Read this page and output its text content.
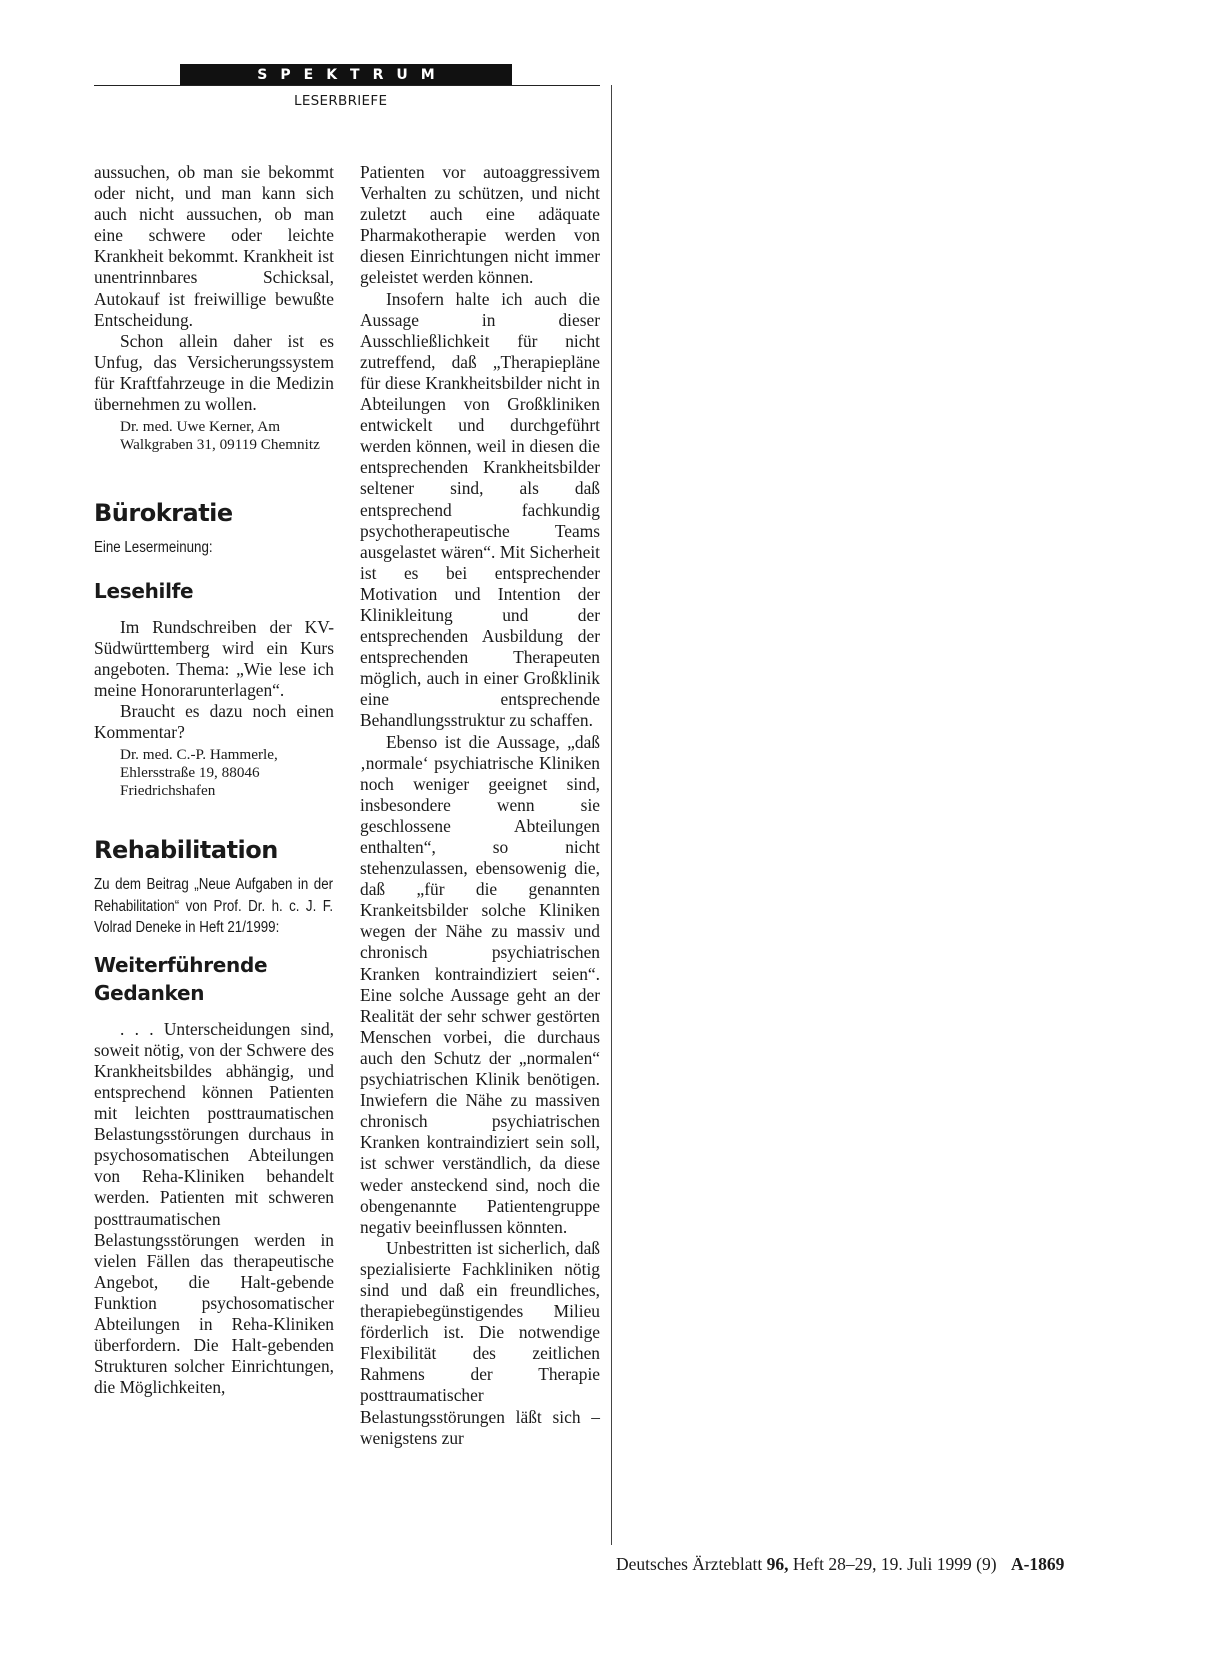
SPEKTRUM
LESERBRIEFE

aussuchen, ob man sie bekommt oder nicht, und man kann sich auch nicht aussuchen, ob man eine schwere oder leichte Krankheit bekommt. Krankheit ist unentrinnbares Schicksal, Autokauf ist freiwillige bewußte Entscheidung.

Schon allein daher ist es Unfug, das Versicherungssystem für Kraftfahrzeuge in die Medizin übernehmen zu wollen.

Dr. med. Uwe Kerner, Am Walkgraben 31, 09119 Chemnitz

Bürokratie

Eine Lesermeinung:

Lesehilfe

Im Rundschreiben der KV-Südwürttemberg wird ein Kurs angeboten. Thema: „Wie lese ich meine Honorarunterlagen“.

Braucht es dazu noch einen Kommentar?

Dr. med. C.-P. Hammerle, Ehlersstraße 19, 88046 Friedrichshafen

Rehabilitation

Zu dem Beitrag „Neue Aufgaben in der Rehabilitation“ von Prof. Dr. h. c. J. F. Volrad Deneke in Heft 21/1999:

Weiterführende Gedanken

. . . Unterscheidungen sind, soweit nötig, von der Schwere des Krankheitsbildes abhängig, und entsprechend können Patienten mit leichten posttraumatischen Belastungsstörungen durchaus in psychosomatischen Abteilungen von Reha-Kliniken behandelt werden. Patienten mit schweren posttraumatischen Belastungsstörungen werden in vielen Fällen das therapeutische Angebot, die Halt-gebende Funktion psychosomatischer Abteilungen in Reha-Kliniken überfordern. Die Halt-gebenden Strukturen solcher Einrichtungen, die Möglichkeiten,

Patienten vor autoaggressivem Verhalten zu schützen, und nicht zuletzt auch eine adäquate Pharmakotherapie werden von diesen Einrichtungen nicht immer geleistet werden können.

Insofern halte ich auch die Aussage in dieser Ausschließlichkeit für nicht zutreffend, daß „Therapiepläne für diese Krankheitsbilder nicht in Abteilungen von Großkliniken entwickelt und durchgeführt werden können, weil in diesen die entsprechenden Krankheitsbilder seltener sind, als daß entsprechend fachkundig psychotherapeutische Teams ausgelastet wären“. Mit Sicherheit ist es bei entsprechender Motivation und Intention der Klinikleitung und der entsprechenden Ausbildung der entsprechenden Therapeuten möglich, auch in einer Großklinik eine entsprechende Behandlungsstruktur zu schaffen.

Ebenso ist die Aussage, „daß ‚normale‘ psychiatrische Kliniken noch weniger geeignet sind, insbesondere wenn sie geschlossene Abteilungen enthalten“, so nicht stehenzulassen, ebensowenig die, daß „für die genannten Krankeitsbilder solche Kliniken wegen der Nähe zu massiv und chronisch psychiatrischen Kranken kontraindiziert seien“. Eine solche Aussage geht an der Realität der sehr schwer gestörten Menschen vorbei, die durchaus auch den Schutz der „normalen“ psychiatrischen Klinik benötigen. Inwiefern die Nähe zu massiven chronisch psychiatrischen Kranken kontraindiziert sein soll, ist schwer verständlich, da diese weder ansteckend sind, noch die obengenannte Patientengruppe negativ beeinflussen könnten.

Unbestritten ist sicherlich, daß spezialisierte Fachkliniken nötig sind und daß ein freundliches, therapiebegünstigendes Milieu förderlich ist. Die notwendige Flexibilität des zeitlichen Rahmens der Therapie posttraumatischer Belastungsstörungen läßt sich – wenigstens zur

Deutsches Ärzteblatt 96, Heft 28–29, 19. Juli 1999 (9) A-1869
